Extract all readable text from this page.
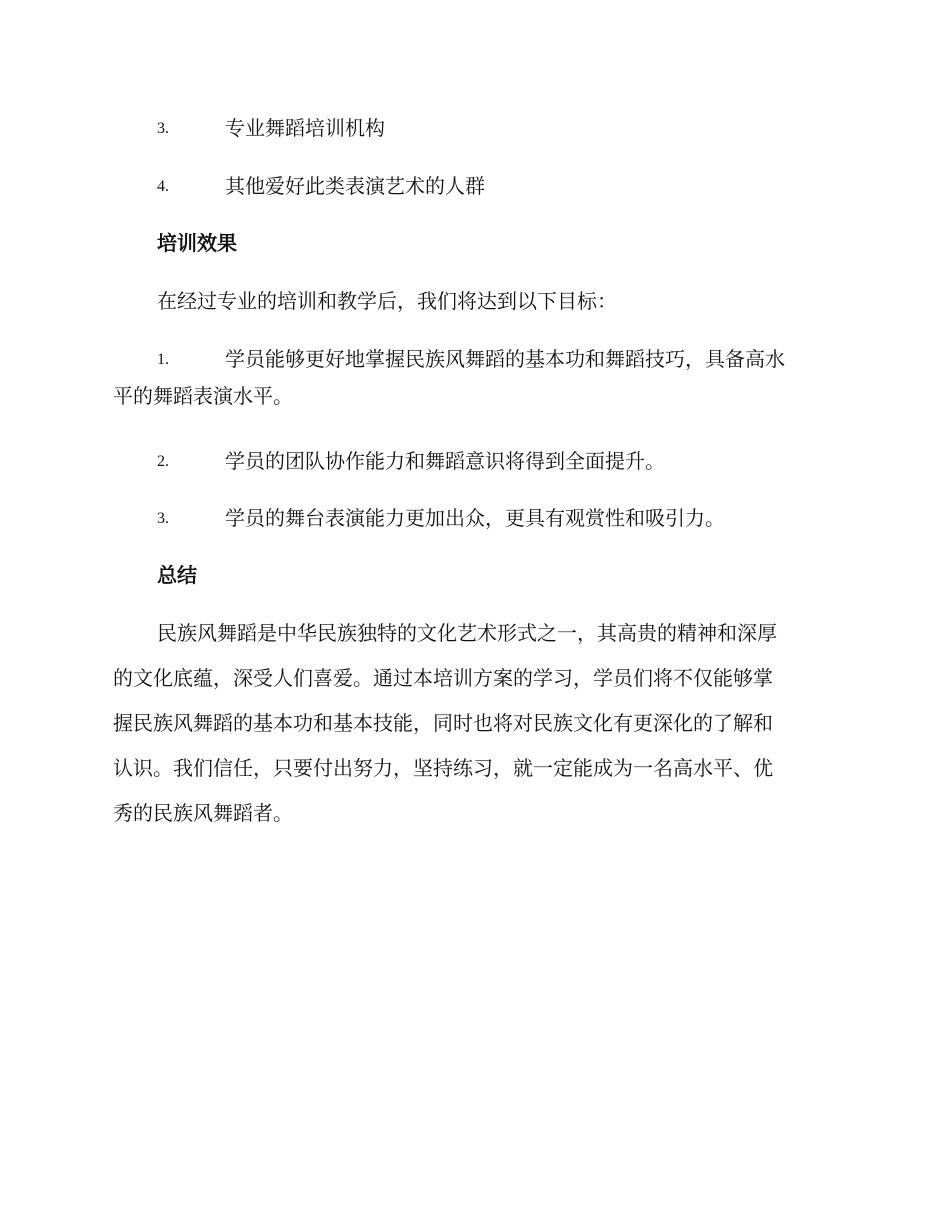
3.	专业舞蹈培训机构
4.	其他爱好此类表演艺术的人群
培训效果
在经过专业的培训和教学后，我们将达到以下目标：
1.	学员能够更好地掌握民族风舞蹈的基本功和舞蹈技巧，具备高水
平的舞蹈表演水平。
2.	学员的团队协作能力和舞蹈意识将得到全面提升。
3.	学员的舞台表演能力更加出众，更具有观赏性和吸引力。
总结
民族风舞蹈是中华民族独特的文化艺术形式之一，其高贵的精神和深厚
的文化底蕴，深受人们喜爱。通过本培训方案的学习，学员们将不仅能够掌
握民族风舞蹈的基本功和基本技能，同时也将对民族文化有更深化的了解和
认识。我们信任，只要付出努力，坚持练习，就一定能成为一名高水平、优
秀的民族风舞蹈者。
